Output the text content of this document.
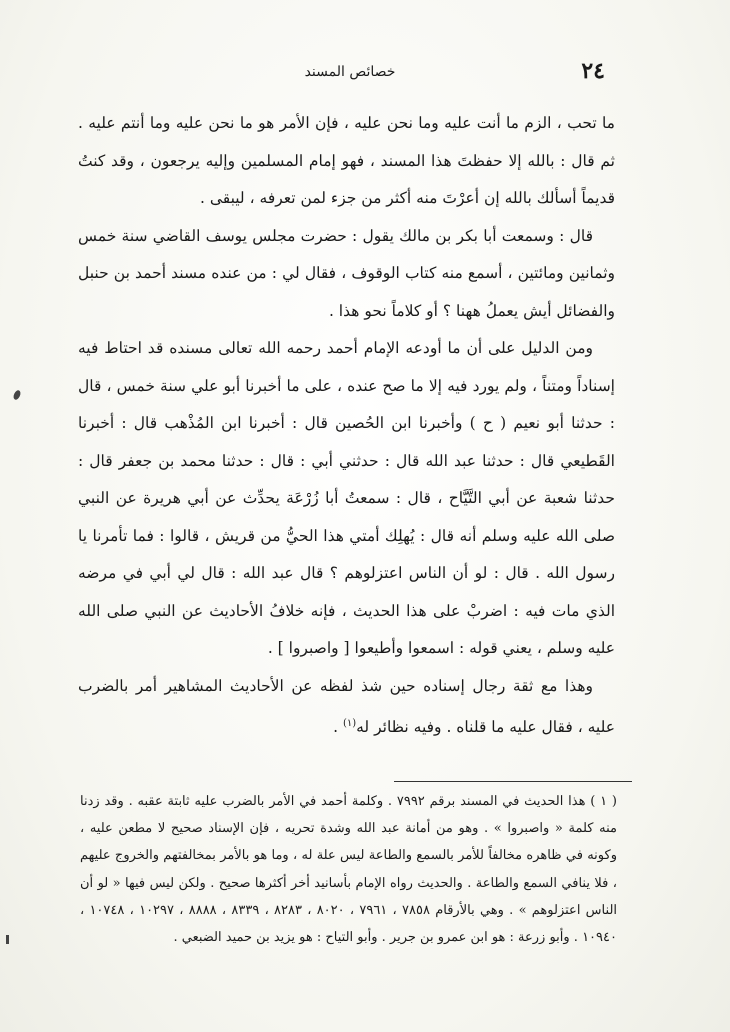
٢٤
خصائص المسند

ما تحب ، الزم ما أنت عليه وما نحن عليه ، فإن الأمر هو ما نحن عليه وما أنتم عليه . ثم قال : بالله إلا حفظتَ هذا المسند ، فهو إمام المسلمين وإليه يرجعون ، وقد كنتُ قديماً أسألك بالله إن أعرْتَ منه أكثر من جزء لمن تعرفه ، ليبقى .

قال : وسمعت أبا بكر بن مالك يقول : حضرت مجلس يوسف القاضي سنة خمس وثمانين ومائتين ، أسمع منه كتاب الوقوف ، فقال لي : من عنده مسند أحمد بن حنبل والفضائل أيش يعملُ ههنا ؟ أو كلاماً نحو هذا .

ومن الدليل على أن ما أودعه الإمام أحمد رحمه الله تعالى مسنده قد احتاط فيه إسناداً ومتناً ، ولم يورد فيه إلا ما صح عنده ، على ما أخبرنا أبو علي سنة خمس ، قال : حدثنا أبو نعيم ( ح ) وأخبرنا ابن الحُصين قال : أخبرنا ابن المُذْهب قال : أخبرنا القَطيعي قال : حدثنا عبد الله قال : حدثني أبي : قال : حدثنا محمد بن جعفر قال : حدثنا شعبة عن أبي التَّيَّاح ، قال : سمعتُ أبا زُرْعَة يحدِّث عن أبي هريرة عن النبي صلى الله عليه وسلم أنه قال : يُهلِك أمتي هذا الحيُّ من قريش ، قالوا : فما تأمرنا يا رسول الله . قال : لو أن الناس اعتزلوهم ؟ قال عبد الله : قال لي أبي في مرضه الذي مات فيه : اضربْ على هذا الحديث ، فإنه خلافُ الأحاديث عن النبي صلى الله عليه وسلم ، يعني قوله : اسمعوا وأطيعوا [ واصبروا ] .

وهذا مع ثقة رجال إسناده حين شذ لفظه عن الأحاديث المشاهير أمر بالضرب عليه ، فقال عليه ما قلناه . وفيه نظائر له$^{(١)}$ .

( ١ ) هذا الحديث في المسند برقم ٧٩٩٢ . وكلمة أحمد في الأمر بالضرب عليه ثابتة عقبه . وقد زدنا منه كلمة « واصبروا » . وهو من أمانة عبد الله وشدة تحريه ، فإن الإسناد صحيح لا مطعن عليه ، وكونه في ظاهره مخالفاً للأمر بالسمع والطاعة ليس علة له ، وما هو بالأمر بمخالفتهم والخروج عليهم ، فلا ينافي السمع والطاعة . والحديث رواه الإمام بأسانيد أخر أكثرها صحيح . ولكن ليس فيها « لو أن الناس اعتزلوهم » . وهي بالأرقام ٧٨٥٨ ، ٧٩٦١ ، ٨٠٢٠ ، ٨٢٨٣ ، ٨٣٣٩ ، ٨٨٨٨ ، ١٠٢٩٧ ، ١٠٧٤٨ ، ١٠٩٤٠ . وأبو زرعة : هو ابن عمرو بن جرير . وأبو التياح : هو يزيد بن حميد الضبعي .
